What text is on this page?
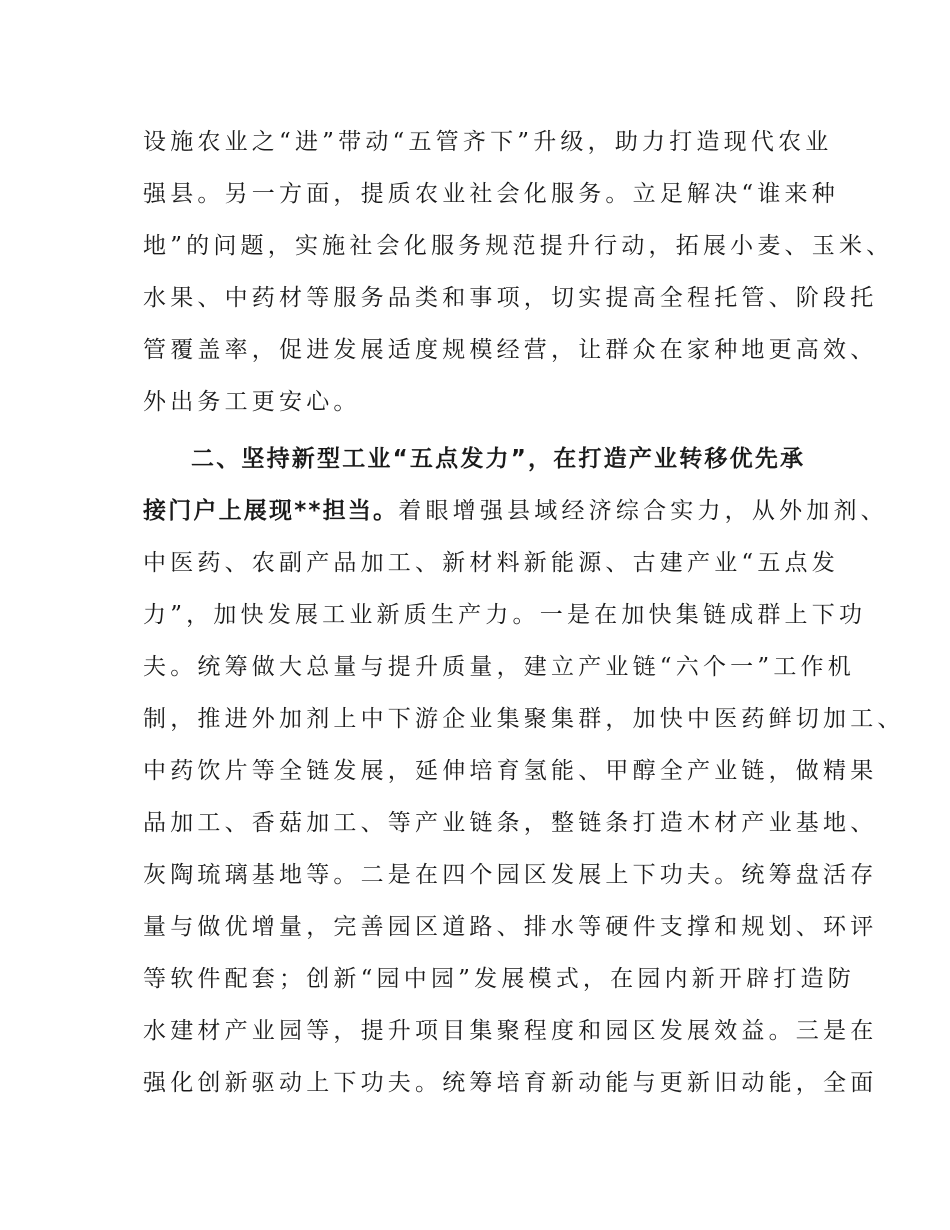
设施农业之“进”带动“五管齐下”升级，助力打造现代农业
强县。另一方面，提质农业社会化服务。立足解决“谁来种
地”的问题，实施社会化服务规范提升行动，拓展小麦、玉米、
水果、中药材等服务品类和事项，切实提高全程托管、阶段托
管覆盖率，促进发展适度规模经营，让群众在家种地更高效、
外出务工更安心。
二、坚持新型工业“五点发力”，在打造产业转移优先承
接门户上展现**担当。着眼增强县域经济综合实力，从外加剂、
中医药、农副产品加工、新材料新能源、古建产业“五点发
力”，加快发展工业新质生产力。一是在加快集链成群上下功
夫。统筹做大总量与提升质量，建立产业链“六个一”工作机
制，推进外加剂上中下游企业集聚集群，加快中医药鲜切加工、
中药饮片等全链发展，延伸培育氢能、甲醇全产业链，做精果
品加工、香菇加工、等产业链条，整链条打造木材产业基地、
灰陶琉璃基地等。二是在四个园区发展上下功夫。统筹盘活存
量与做优增量，完善园区道路、排水等硬件支撑和规划、环评
等软件配套；创新“园中园”发展模式，在园内新开辟打造防
水建材产业园等，提升项目集聚程度和园区发展效益。三是在
强化创新驱动上下功夫。统筹培育新动能与更新旧动能，全面
